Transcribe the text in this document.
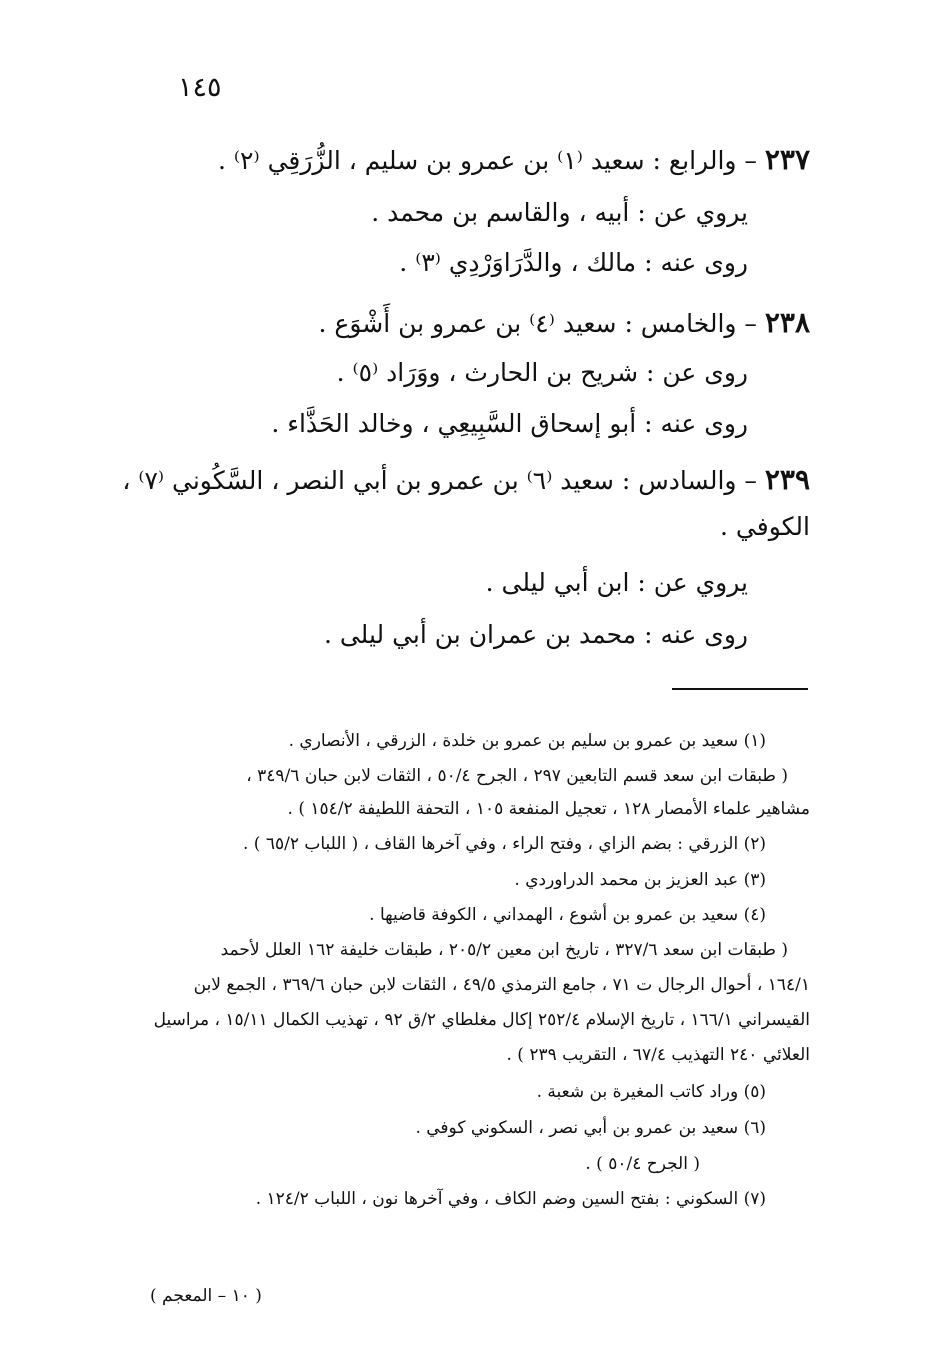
١٤٥
٢٣٧ – والرابع : سعيد ⁽١⁾ بن عمرو بن سليم ، الزُّرَقِي ⁽٢⁾ .
يروي عن : أبيه ، والقاسم بن محمد .
روى عنه : مالك ، والدَّرَاوَرْدِي ⁽٣⁾ .
٢٣٨ – والخامس : سعيد ⁽٤⁾ بن عمرو بن أَشْوَع .
روى عن : شريح بن الحارث ، ووَرَاد ⁽٥⁾ .
روى عنه : أبو إسحاق السَّبِيعِي ، وخالد الحَذَّاء .
٢٣٩ – والسادس : سعيد ⁽٦⁾ بن عمرو بن أبي النصر ، السَّكُوني ⁽٧⁾ ،
الكوفي .
يروي عن : ابن أبي ليلى .
روى عنه : محمد بن عمران بن أبي ليلى .
(١) سعيد بن عمرو بن سليم بن عمرو بن خلدة ، الزرقي ، الأنصاري .
( طبقات ابن سعد قسم التابعين ٢٩٧ ، الجرح ٥٠/٤ ، الثقات لابن حبان ٣٤٩/٦ ،
مشاهير علماء الأمصار ١٢٨ ، تعجيل المنفعة ١٠٥ ، التحفة اللطيفة ١٥٤/٢ ) .
(٢) الزرقي : بضم الزاي ، وفتح الراء ، وفي آخرها القاف ، ( اللباب ٦٥/٢ ) .
(٣) عبد العزيز بن محمد الدراوردي .
(٤) سعيد بن عمرو بن أشوع ، الهمداني ، الكوفة قاضيها .
( طبقات ابن سعد ٣٢٧/٦ ، تاريخ ابن معين ٢٠٥/٢ ، طبقات خليفة ١٦٢ العلل لأحمد
١٦٤/١ ، أحوال الرجال ت ٧١ ، جامع الترمذي ٤٩/٥ ، الثقات لابن حبان ٣٦٩/٦ ، الجمع لابن
القيسراني ١٦٦/١ ، تاريخ الإسلام ٢٥٢/٤ إكال مغلطاي ٢/ق ٩٢ ، تهذيب الكمال ١٥/١١ ، مراسيل
العلائي ٢٤٠ التهذيب ٦٧/٤ ، التقريب ٢٣٩ ) .
(٥) وراد كاتب المغيرة بن شعبة .
(٦) سعيد بن عمرو بن أبي نصر ، السكوني كوفي .
( الجرح ٥٠/٤ ) .
(٧) السكوني : بفتح السين وضم الكاف ، وفي آخرها نون ، اللباب ١٢٤/٢ .
( ١٠ – المعجم )
